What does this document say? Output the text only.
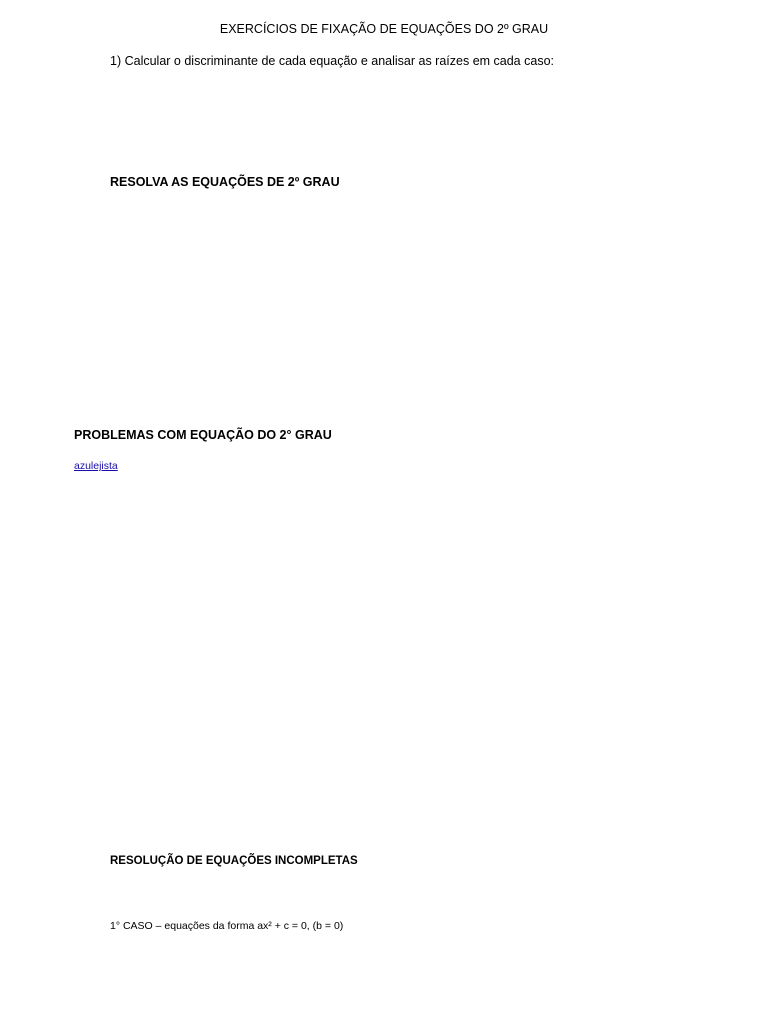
EXERCÍCIOS DE FIXAÇÃO DE EQUAÇÕES DO 2º GRAU
1) Calcular o discriminante de cada equação e analisar as raízes em cada caso:
RESOLVA AS EQUAÇÕES DE 2º GRAU
PROBLEMAS COM EQUAÇÃO DO 2° GRAU
azulejista
RESOLUÇÃO DE EQUAÇÕES INCOMPLETAS
1° CASO – equações da forma ax² + c = 0, (b = 0)
